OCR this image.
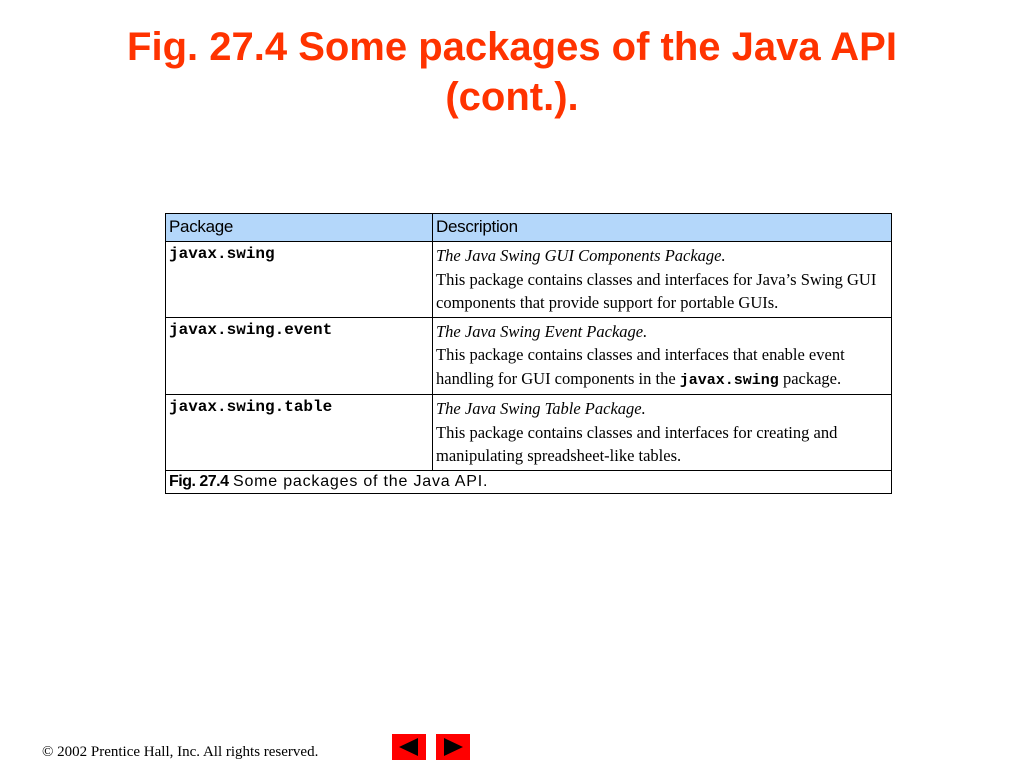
Fig. 27.4 Some packages of the Java API
(cont.).
Package	Description
javax.swing	The Java Swing GUI Components Package.
This package contains classes and interfaces for Java’s Swing GUI components that provide support for portable GUIs.
javax.swing.event	The Java Swing Event Package.
This package contains classes and interfaces that enable event handling for GUI components in the javax.swing package.
javax.swing.table	The Java Swing Table Package.
This package contains classes and interfaces for creating and manipulating spreadsheet-like tables.
Fig. 27.4 Some packages of the Java API.	
© 2002 Prentice Hall, Inc. All rights reserved.
